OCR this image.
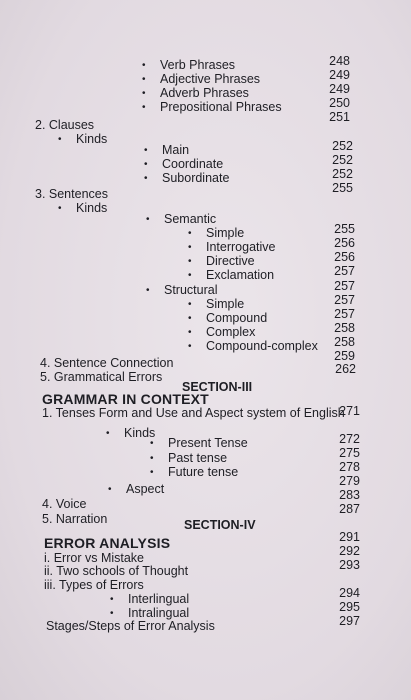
SECTION-III
GRAMMAR IN CONTEXT
SECTION-IV
ERROR ANALYSIS
• Verb Phrases
• Adjective Phrases
• Adverb Phrases
• Prepositional Phrases
2. Clauses
• Kinds
• Main
• Coordinate
• Subordinate
3. Sentences
• Kinds
• Semantic
• Simple
• Interrogative
• Directive
• Exclamation
• Structural
• Simple
• Compound
• Complex
• Compound-complex
4. Sentence Connection
5. Grammatical Errors
1. Tenses Form and Use and Aspect system of English
• Kinds
• Present Tense
• Past tense
• Future tense
• Aspect
4. Voice
5. Narration
i. Error vs Mistake
ii. Two schools of Thought
iii. Types of Errors
• Interlingual
• Intralingual
Stages/Steps of Error Analysis
248
249
249
250
251
252
252
252
255
255
256
256
257
257
257
257
258
258
259
262
271
272
275
278
279
283
287
291
292
293
294
295
297
